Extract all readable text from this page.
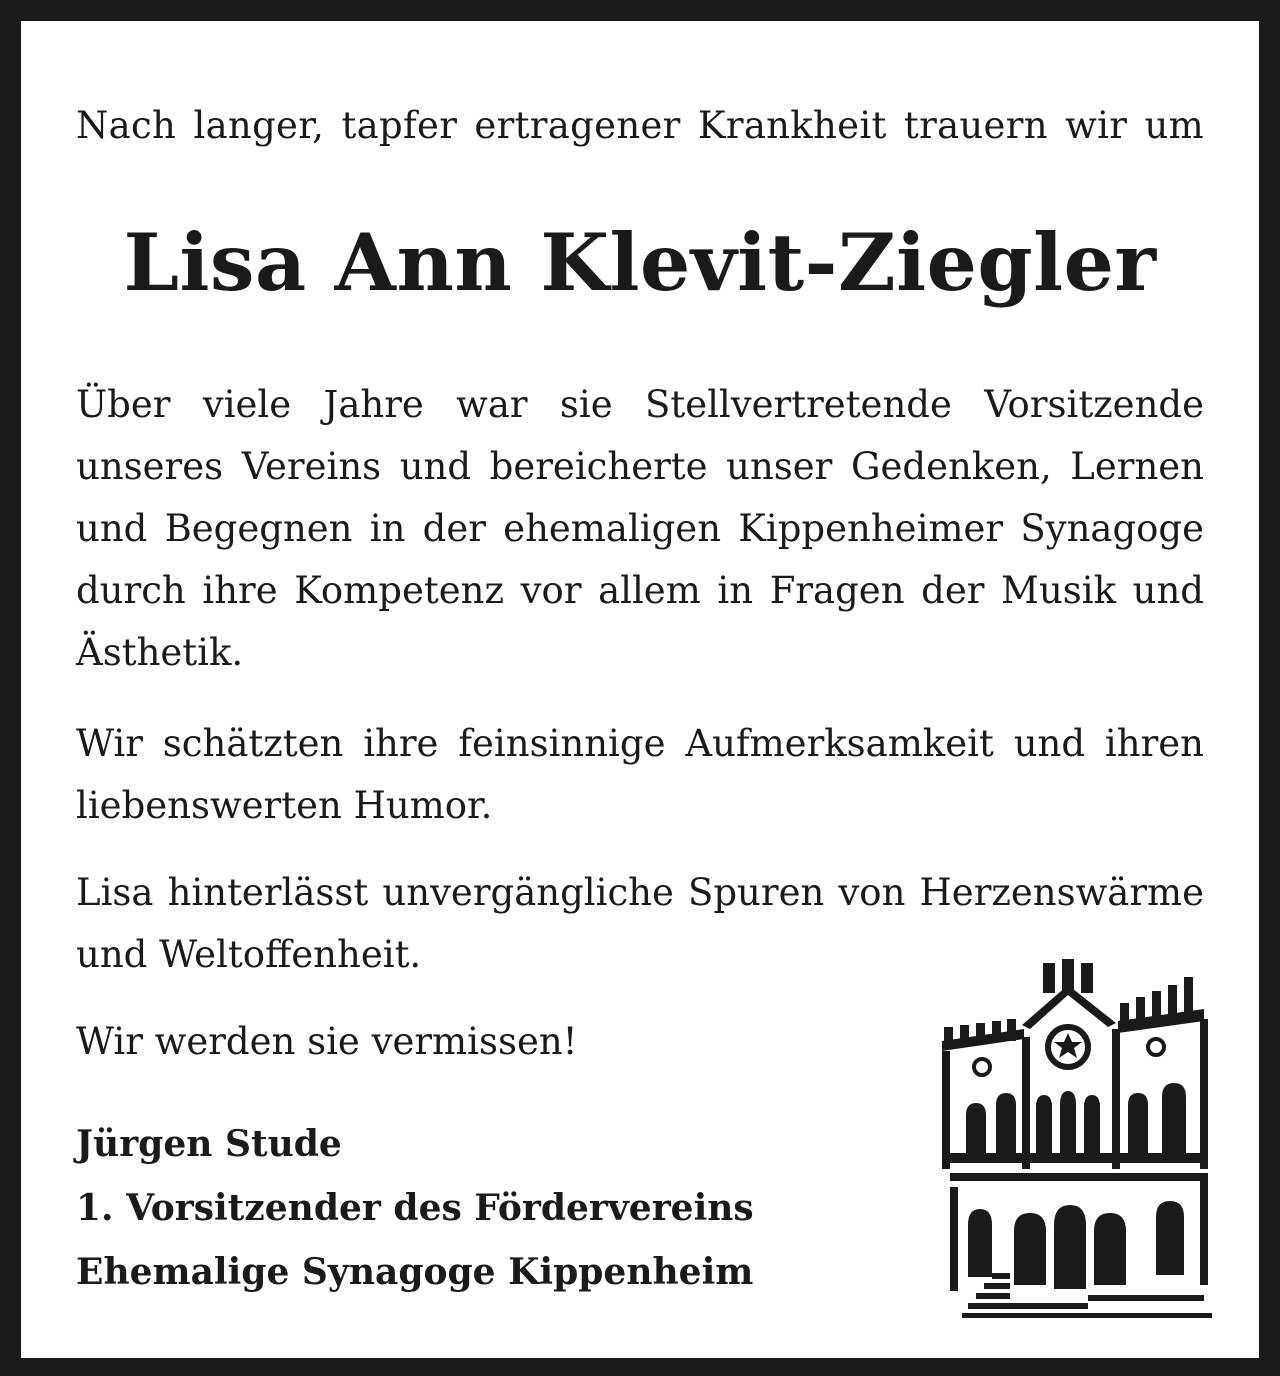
Nach langer, tapfer ertragener Krankheit trauern wir um

Lisa Ann Klevit-Ziegler

Über viele Jahre war sie Stellvertretende Vorsitzende unseres Vereins und bereicherte unser Gedenken, Lernen und Begegnen in der ehemaligen Kippenheimer Synagoge durch ihre Kompetenz vor allem in Fragen der Musik und Ästhetik.

Wir schätzten ihre feinsinnige Aufmerksamkeit und ihren liebenswerten Humor.

Lisa hinterlässt unvergängliche Spuren von Herzenswärme und Weltoffenheit.

Wir werden sie vermissen!

Jürgen Stude

1. Vorsitzender des Fördervereins

Ehemalige Synagoge Kippenheim
